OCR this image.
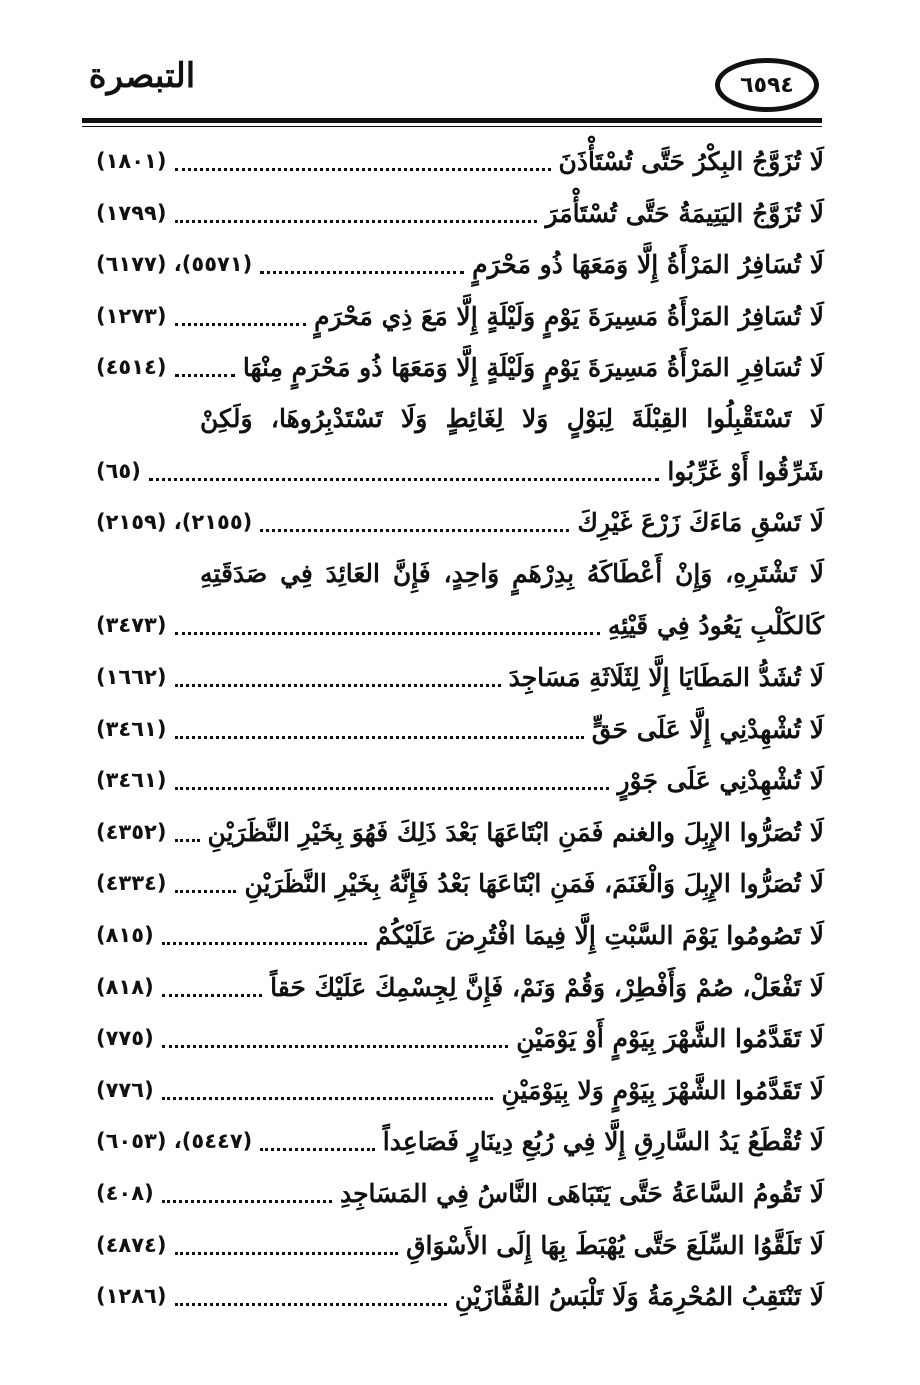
٦٥٩٤
التبصرة
لَا تُزَوَّجُ البِكْرُ حَتَّى تُسْتَأْذَنَ
(١٨٠١)
لَا تُزَوَّجُ اليَتِيمَةُ حَتَّى تُسْتَأْمَرَ
(١٧٩٩)
لَا تُسَافِرُ المَرْأَةُ إِلَّا وَمَعَهَا ذُو مَحْرَمٍ
(٥٥٧١)، (٦١٧٧)
لَا تُسَافِرُ المَرْأَةُ مَسِيرَةَ يَوْمٍ وَلَيْلَةٍ إِلَّا مَعَ ذِي مَحْرَمٍ
(١٢٧٣)
لَا تُسَافِرِ المَرْأَةُ مَسِيرَةَ يَوْمٍ وَلَيْلَةٍ إِلَّا وَمَعَهَا ذُو مَحْرَمٍ مِنْهَا
(٤٥١٤)
لَا تَسْتَقْبِلُوا القِبْلَةَ لِبَوْلٍ وَلا لِغَائِطٍ وَلَا تَسْتَدْبِرُوهَا، وَلَكِنْ
شَرِّقُوا أَوْ غَرِّبُوا
(٦٥)
لَا تَسْقِ مَاءَكَ زَرْعَ غَيْرِكَ
(٢١٥٥)، (٢١٥٩)
لَا تَشْتَرِهِ، وَإِنْ أَعْطَاكَهُ بِدِرْهَمٍ وَاحِدٍ، فَإِنَّ العَائِدَ فِي صَدَقَتِهِ
كَالكَلْبِ يَعُودُ فِي قَيْئِهِ
(٣٤٧٣)
لَا تُشَدُّ المَطَايَا إِلَّا لِثَلَاثَةِ مَسَاجِدَ
(١٦٦٢)
لَا تُشْهِدْنِي إِلَّا عَلَى حَقٍّ
(٣٤٦١)
لَا تُشْهِدْنِي عَلَى جَوْرٍ
(٣٤٦١)
لَا تُصَرُّوا الإِبِلَ والغنم فَمَنِ ابْتَاعَهَا بَعْدَ ذَلِكَ فَهُوَ بِخَيْرِ النَّظَرَيْنِ
(٤٣٥٢)
لَا تُصَرُّوا الإِبِلَ وَالْغَنَمَ، فَمَنِ ابْتَاعَهَا بَعْدُ فَإِنَّهُ بِخَيْرِ النَّظَرَيْنِ
(٤٣٣٤)
لَا تَصُومُوا يَوْمَ السَّبْتِ إِلَّا فِيمَا افْتُرِضَ عَلَيْكُمْ
(٨١٥)
لَا تَفْعَلْ، صُمْ وَأَفْطِرْ، وَقُمْ وَنَمْ، فَإِنَّ لِجِسْمِكَ عَلَيْكَ حَقاً
(٨١٨)
لَا تَقَدَّمُوا الشَّهْرَ بِيَوْمٍ أَوْ يَوْمَيْنِ
(٧٧٥)
لَا تَقَدَّمُوا الشَّهْرَ بِيَوْمٍ وَلا بِيَوْمَيْنِ
(٧٧٦)
لَا تُقْطَعُ يَدُ السَّارِقِ إِلَّا فِي رُبُعِ دِينَارٍ فَصَاعِداً
(٥٤٤٧)، (٦٠٥٣)
لَا تَقُومُ السَّاعَةُ حَتَّى يَتَبَاهَى النَّاسُ فِي المَسَاجِدِ
(٤٠٨)
لَا تَلَقَّوُا السِّلَعَ حَتَّى يُهْبَطَ بِهَا إِلَى الأَسْوَاقِ
(٤٨٧٤)
لَا تَنْتَقِبُ المُحْرِمَةُ وَلَا تَلْبَسُ القُفَّازَيْنِ
(١٢٨٦)
